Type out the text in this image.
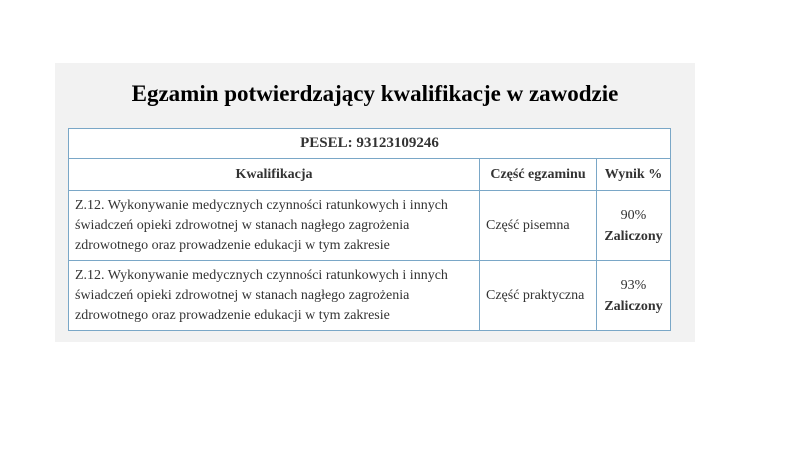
Egzamin potwierdzający kwalifikacje w zawodzie
PESEL: 93123109246		
Kwalifikacja	Część egzaminu	Wynik %
Z.12. Wykonywanie medycznych czynności ratunkowych i innych świadczeń opieki zdrowotnej w stanach nagłego zagrożenia zdrowotnego oraz prowadzenie edukacji w tym zakresie	Część pisemna	90%
Zaliczony

Z.12. Wykonywanie medycznych czynności ratunkowych i innych świadczeń opieki zdrowotnej w stanach nagłego zagrożenia zdrowotnego oraz prowadzenie edukacji w tym zakresie	Część praktyczna	93%
Zaliczony
